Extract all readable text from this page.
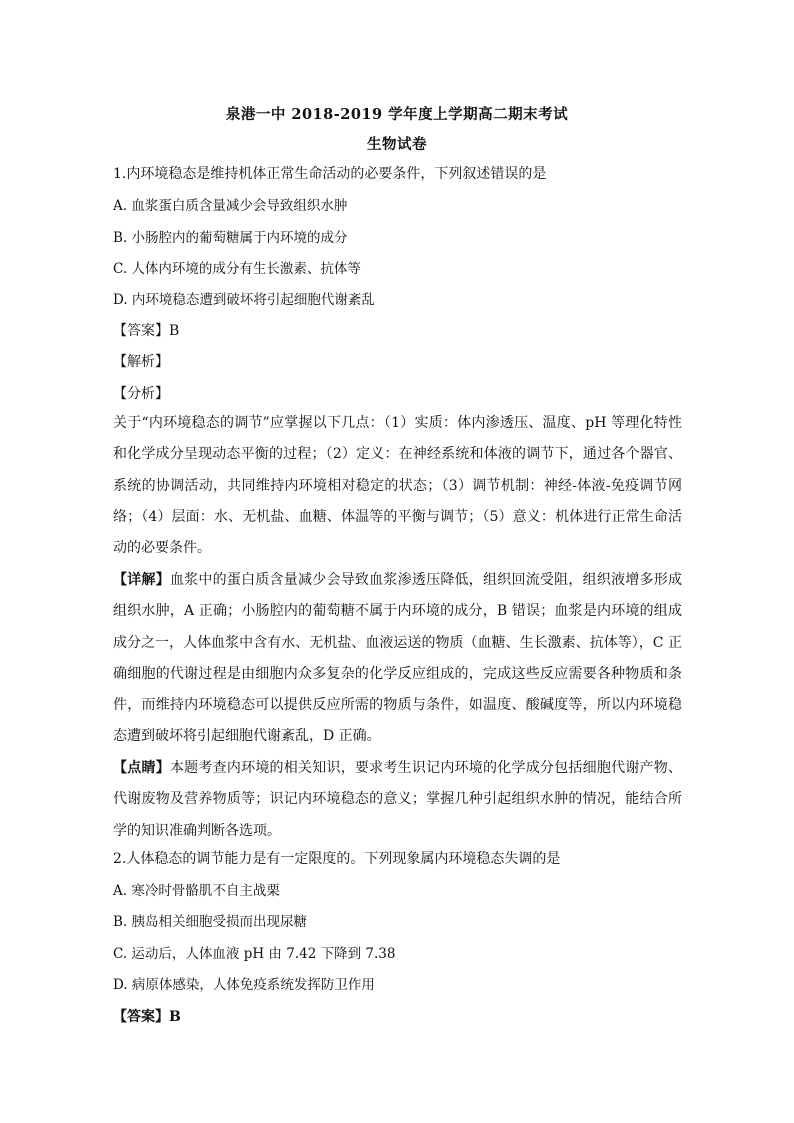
泉港一中 2018-2019 学年度上学期高二期末考试
生物试卷
1.内环境稳态是维持机体正常生命活动的必要条件，下列叙述错误的是
A. 血浆蛋白质含量减少会导致组织水肿
B. 小肠腔内的葡萄糖属于内环境的成分
C. 人体内环境的成分有生长激素、抗体等
D. 内环境稳态遭到破坏将引起细胞代谢紊乱
【答案】B
【解析】
【分析】
关于“内环境稳态的调节”应掌握以下几点：（1）实质：体内渗透压、温度、pH 等理化特性和化学成分呈现动态平衡的过程；（2）定义：在神经系统和体液的调节下，通过各个器官、系统的协调活动，共同维持内环境相对稳定的状态；（3）调节机制：神经-体液-免疫调节网络；（4）层面：水、无机盐、血糖、体温等的平衡与调节；（5）意义：机体进行正常生命活动的必要条件。
【详解】血浆中的蛋白质含量减少会导致血浆渗透压降低，组织回流受阻，组织液增多形成组织水肿，A 正确；小肠腔内的葡萄糖不属于内环境的成分，B 错误；血浆是内环境的组成成分之一，人体血浆中含有水、无机盐、血液运送的物质（血糖、生长激素、抗体等），C 正确细胞的代谢过程是由细胞内众多复杂的化学反应组成的，完成这些反应需要各种物质和条件，而维持内环境稳态可以提供反应所需的物质与条件，如温度、酸碱度等，所以内环境稳态遭到破坏将引起细胞代谢紊乱，D 正确。
【点睛】本题考查内环境的相关知识，要求考生识记内环境的化学成分包括细胞代谢产物、代谢废物及营养物质等；识记内环境稳态的意义；掌握几种引起组织水肿的情况，能结合所学的知识准确判断各选项。
2.人体稳态的调节能力是有一定限度的。下列现象属内环境稳态失调的是
A. 寒冷时骨骼肌不自主战栗
B. 胰岛相关细胞受损而出现尿糖
C. 运动后，人体血液 pH 由 7.42 下降到 7.38
D. 病原体感染，人体免疫系统发挥防卫作用
【答案】B
